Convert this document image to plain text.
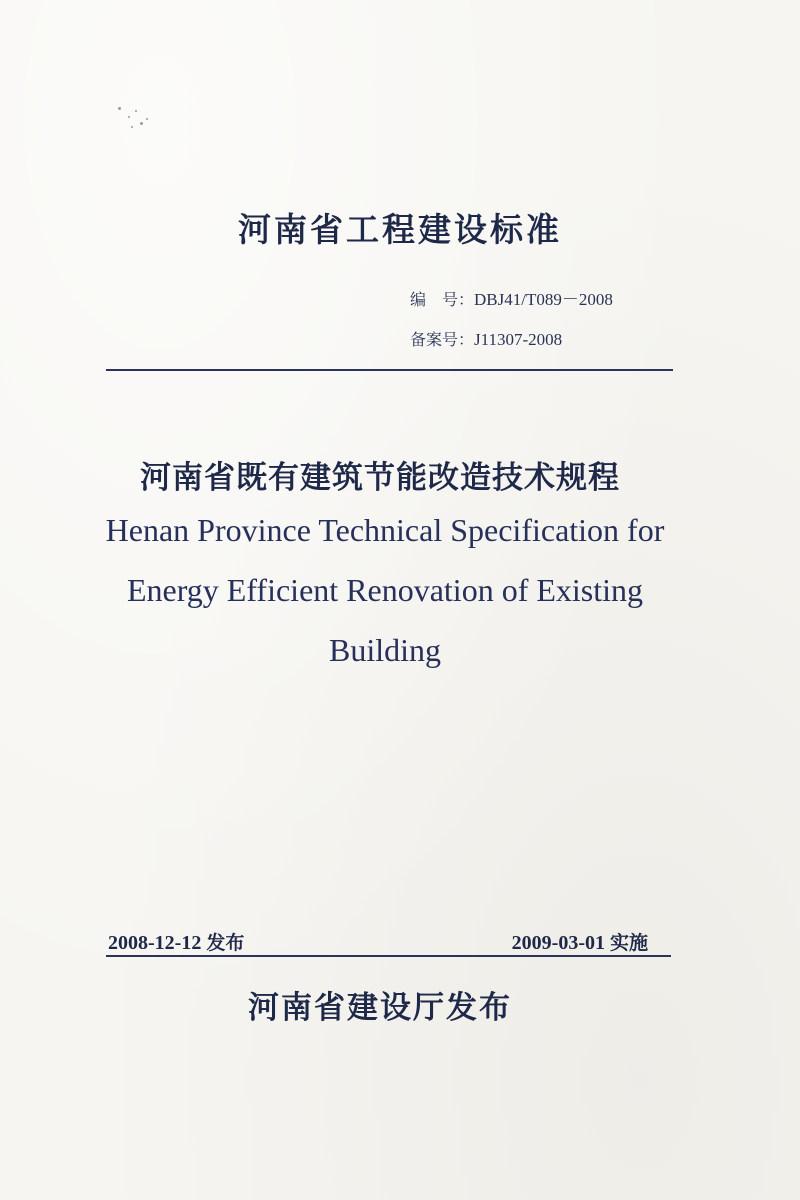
河南省工程建设标准
编　号：DBJ41/T089－2008
备案号：J11307-2008
河南省既有建筑节能改造技术规程
Henan Province Technical Specification for
Energy Efficient Renovation of Existing
Building
2008-12-12 发布	2009-03-01 实施
河南省建设厅发布
